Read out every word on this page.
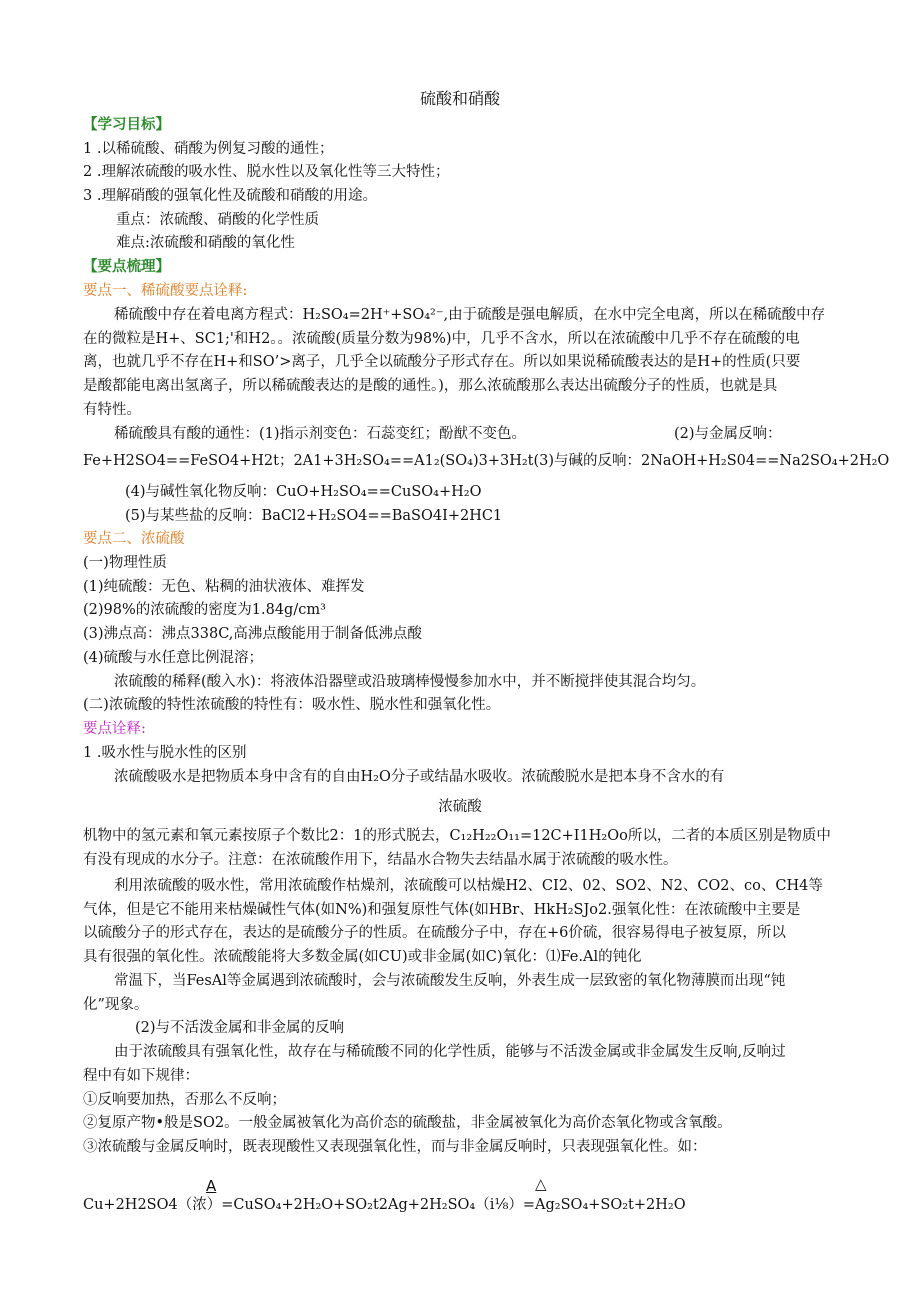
硫酸和硝酸
【学习目标】
1 .以稀硫酸、硝酸为例复习酸的通性；
2 .理解浓硫酸的吸水性、脱水性以及氧化性等三大特性；
3 .理解硝酸的强氧化性及硫酸和硝酸的用途。
重点：浓硫酸、硝酸的化学性质
难点:浓硫酸和硝酸的氧化性
【要点梳理】
要点一、稀硫酸要点诠释:
稀硫酸中存在着电离方程式：H₂SO₄=2H⁺+SO₄²⁻,由于硫酸是强电解质，在水中完全电离，所以在稀硫酸中存
在的微粒是H+、SC1;'和H2。。浓硫酸(质量分数为98%)中，几乎不含水，所以在浓硫酸中几乎不存在硫酸的电
离，也就几乎不存在H+和SO’>离子，几乎全以硫酸分子形式存在。所以如果说稀硫酸表达的是H+的性质(只要
是酸都能电离出氢离子，所以稀硫酸表达的是酸的通性。)，那么浓硫酸那么表达出硫酸分子的性质，也就是具
有特性。
稀硫酸具有酸的通性：(1)指示剂变色：石蕊变红；酚猷不变色。	(2)与金属反响：
Fe+H2SO4==FeSO4+H2t；2A1+3H₂SO₄==A1₂(SO₄)3+3H₂t(3)与碱的反响：2NaOH+H₂S04==Na2SO₄+2H₂O
(4)与碱性氧化物反响：CuO+H₂SO₄==CuSO₄+H₂O
(5)与某些盐的反响：BaCl2+H₂SO4==BaSO4I+2HC1
要点二、浓硫酸
(一)物理性质
(1)纯硫酸：无色、粘稠的油状液体、难挥发
(2)98%的浓硫酸的密度为1.84g/cm³
(3)沸点高：沸点338C,高沸点酸能用于制备低沸点酸
(4)硫酸与水任意比例混溶；
浓硫酸的稀释(酸入水)：将液体沿器壁或沿玻璃棒慢慢参加水中，并不断搅拌使其混合均匀。
(二)浓硫酸的特性浓硫酸的特性有：吸水性、脱水性和强氧化性。
要点诠释:
1 .吸水性与脱水性的区别
浓硫酸吸水是把物质本身中含有的自由H₂O分子或结晶水吸收。浓硫酸脱水是把本身不含水的有
浓硫酸
机物中的氢元素和氧元素按原子个数比2：1的形式脱去，C₁₂H₂₂O₁₁=12C+I1H₂Oo所以，二者的本质区别是物质中
有没有现成的水分子。注意：在浓硫酸作用下，结晶水合物失去结晶水属于浓硫酸的吸水性。
利用浓硫酸的吸水性，常用浓硫酸作枯燥剂，浓硫酸可以枯燥H2、CI2、02、SO2、N2、CO2、co、CH4等
气体，但是它不能用来枯燥碱性气体(如N%)和强复原性气体(如HBr、HkH₂SJo2.强氧化性：在浓硫酸中主要是
以硫酸分子的形式存在，表达的是硫酸分子的性质。在硫酸分子中，存在+6价硫，很容易得电子被复原，所以
具有很强的氧化性。浓硫酸能将大多数金属(如CU)或非金属(如C)氧化：⑴Fe.Al的钝化
常温下，当FesAl等金属遇到浓硫酸时，会与浓硫酸发生反响，外表生成一层致密的氧化物薄膜而出现“钝
化”现象。
(2)与不活泼金属和非金属的反响
由于浓硫酸具有强氧化性，故存在与稀硫酸不同的化学性质，能够与不活泼金属或非金属发生反响,反响过
程中有如下规律：
①反响要加热，否那么不反响；
②复原产物•般是SO2。一般金属被氧化为高价态的硫酸盐，非金属被氧化为高价态氧化物或含氧酸。
③浓硫酸与金属反响时，既表现酸性又表现强氧化性，而与非金属反响时，只表现强氧化性。如：
A	△
Cu+2H2SO4（浓）=CuSO₄+2H₂O+SO₂t2Ag+2H₂SO₄（i⅛）=Ag₂SO₄+SO₂t+2H₂O
